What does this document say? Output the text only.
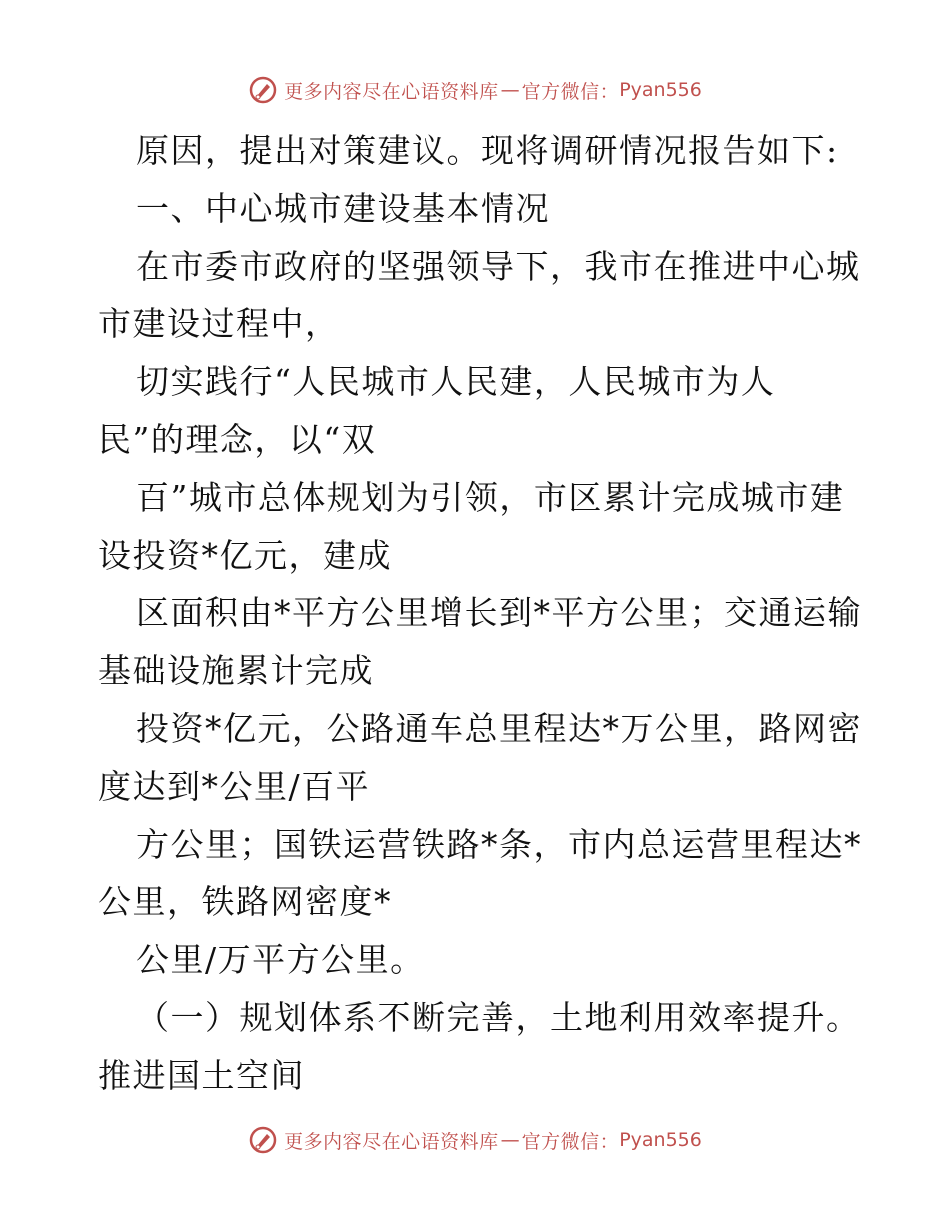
更多内容尽在心语资料库 — 官方微信： Pyan556
原因，提出对策建议。现将调研情况报告如下:
一、中心城市建设基本情况
在市委市政府的坚强领导下，我市在推进中心城
市建设过程中，
切实践行“人民城市人民建，人民城市为人
民”的理念，以“双
百”城市总体规划为引领，市区累计完成城市建
设投资*亿元，建成
区面积由*平方公里增长到*平方公里；交通运输
基础设施累计完成
投资*亿元，公路通车总里程达*万公里，路网密
度达到*公里/百平
方公里；国铁运营铁路*条，市内总运营里程达*
公里，铁路网密度*
公里/万平方公里。
（一）规划体系不断完善，土地利用效率提升。
推进国土空间
更多内容尽在心语资料库 — 官方微信： Pyan556
